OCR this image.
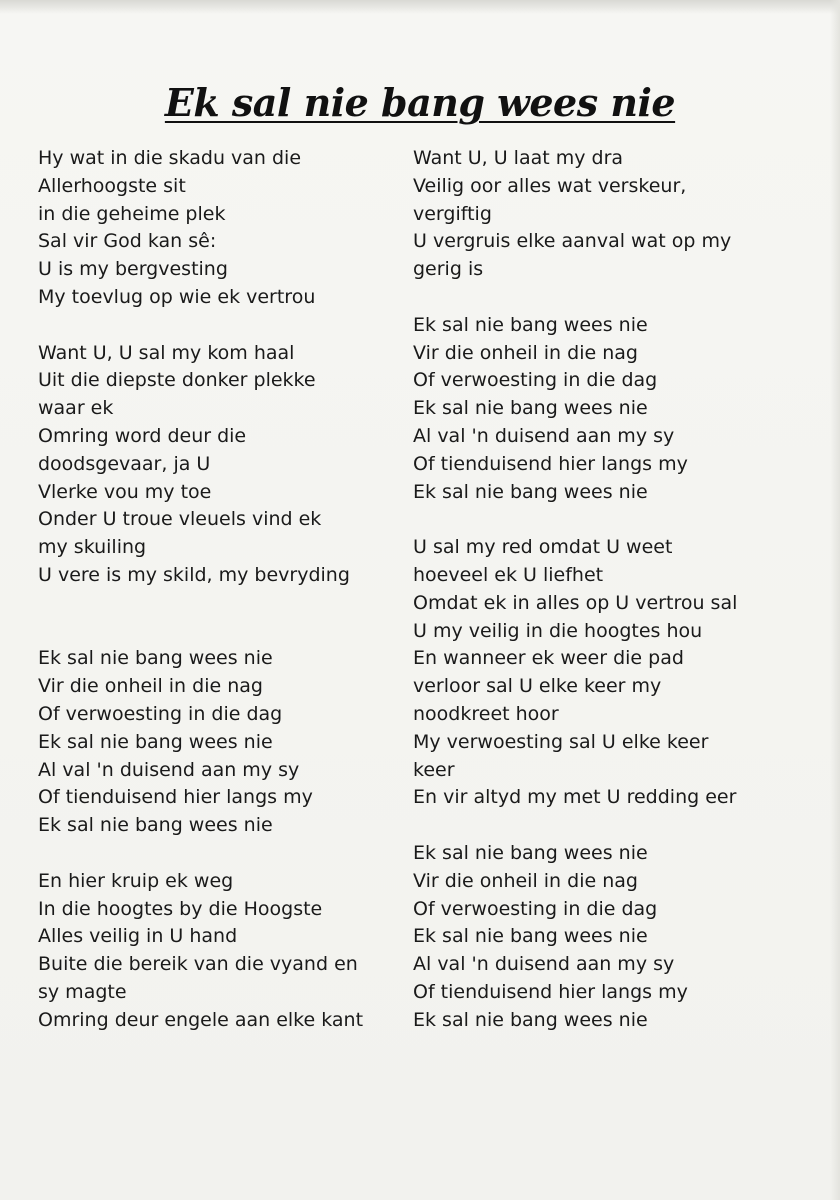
Ek sal nie bang wees nie
Hy wat in die skadu van die
Allerhoogste sit
in die geheime plek
Sal vir God kan sê:
U is my bergvesting
My toevlug op wie ek vertrou
Want U, U sal my kom haal
Uit die diepste donker plekke
waar ek
Omring word deur die
doodsgevaar, ja U
Vlerke vou my toe
Onder U troue vleuels vind ek
my skuiling
U vere is my skild, my bevryding
Ek sal nie bang wees nie
Vir die onheil in die nag
Of verwoesting in die dag
Ek sal nie bang wees nie
Al val 'n duisend aan my sy
Of tienduisend hier langs my
Ek sal nie bang wees nie
En hier kruip ek weg
In die hoogtes by die Hoogste
Alles veilig in U hand
Buite die bereik van die vyand en
sy magte
Omring deur engele aan elke kant
Want U, U laat my dra
Veilig oor alles wat verskeur,
vergiftig
U vergruis elke aanval wat op my
gerig is
Ek sal nie bang wees nie
Vir die onheil in die nag
Of verwoesting in die dag
Ek sal nie bang wees nie
Al val 'n duisend aan my sy
Of tienduisend hier langs my
Ek sal nie bang wees nie
U sal my red omdat U weet
hoeveel ek U liefhet
Omdat ek in alles op U vertrou sal
U my veilig in die hoogtes hou
En wanneer ek weer die pad
verloor sal U elke keer my
noodkreet hoor
My verwoesting sal U elke keer
keer
En vir altyd my met U redding eer
Ek sal nie bang wees nie
Vir die onheil in die nag
Of verwoesting in die dag
Ek sal nie bang wees nie
Al val 'n duisend aan my sy
Of tienduisend hier langs my
Ek sal nie bang wees nie
